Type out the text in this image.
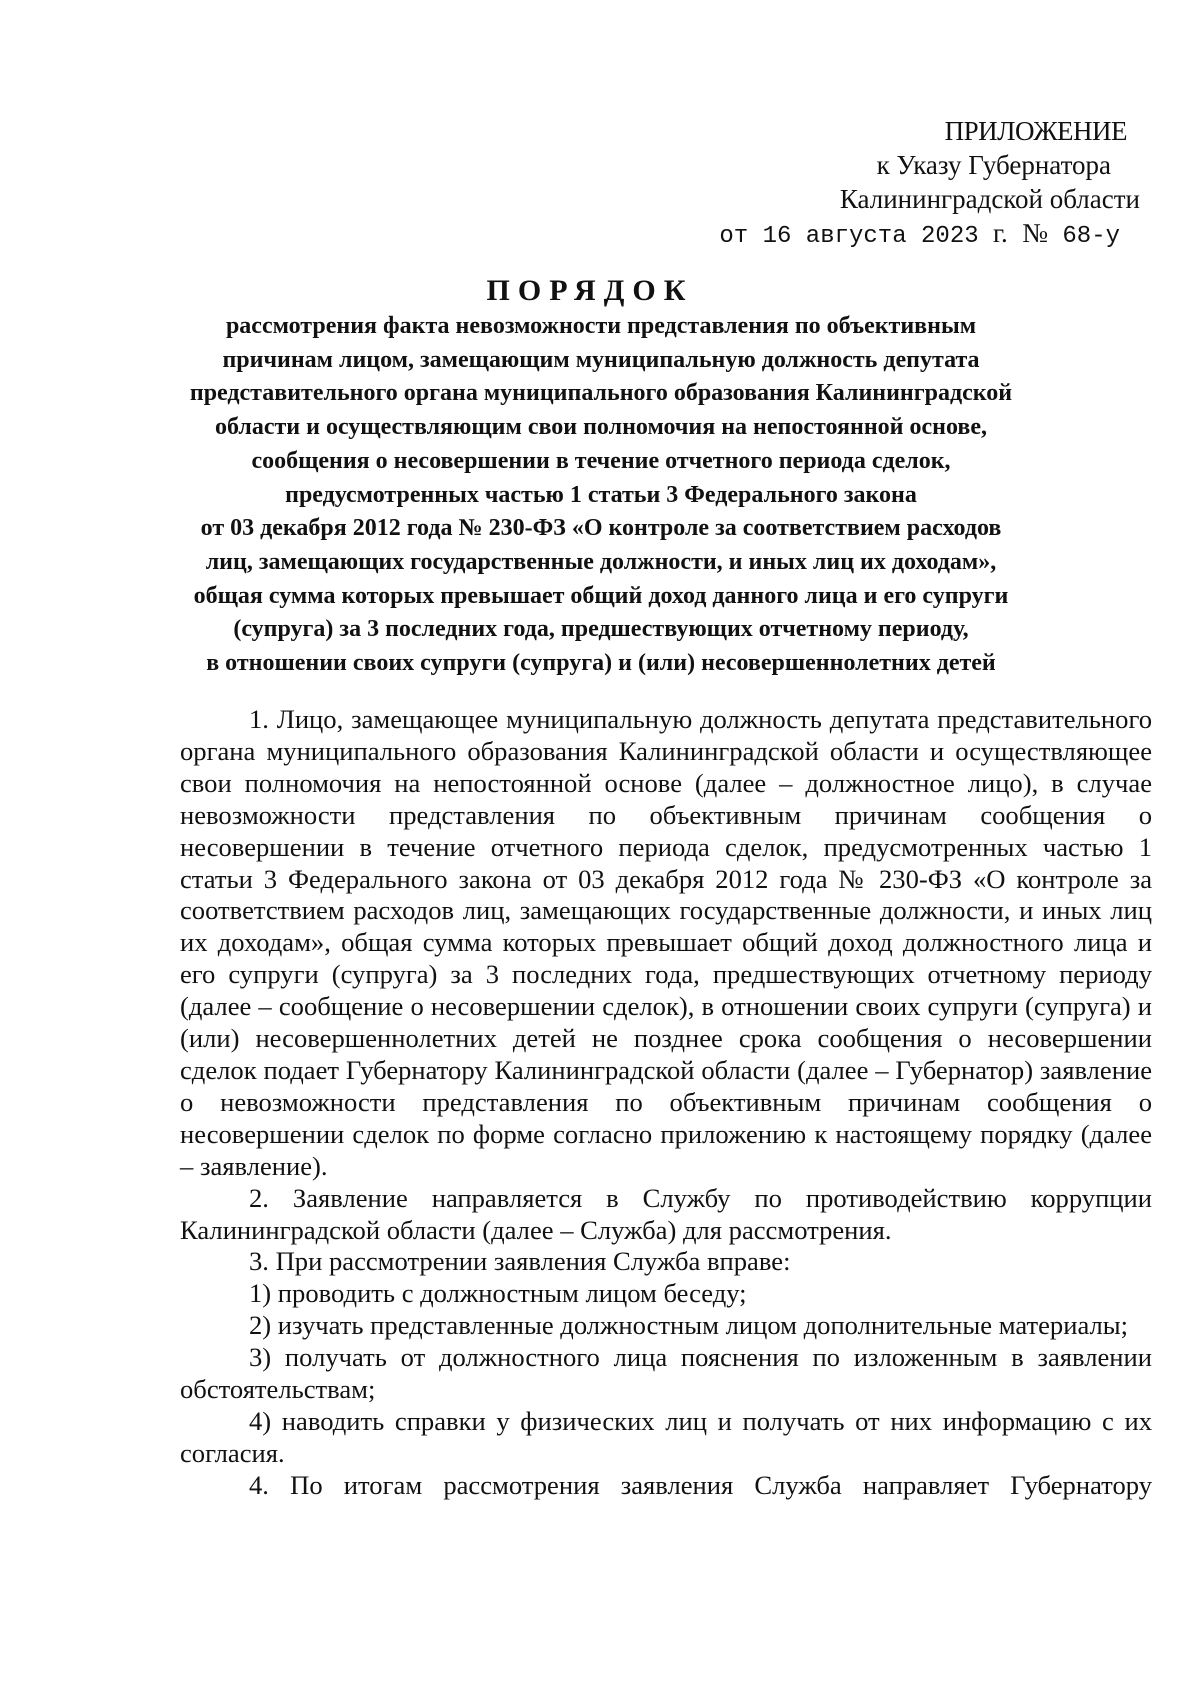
ПРИЛОЖЕНИЕ
к Указу Губернатора
Калининградской области
от 16 августа 2023 г. № 68-у
ПОРЯДОК
рассмотрения факта невозможности представления по объективным
причинам лицом, замещающим муниципальную должность депутата
представительного органа муниципального образования Калининградской
области и осуществляющим свои полномочия на непостоянной основе,
сообщения о несовершении в течение отчетного периода сделок,
предусмотренных частью 1 статьи 3 Федерального закона
от 03 декабря 2012 года № 230-ФЗ «О контроле за соответствием расходов
лиц, замещающих государственные должности, и иных лиц их доходам»,
общая сумма которых превышает общий доход данного лица и его супруги
(супруга) за 3 последних года, предшествующих отчетному периоду,
в отношении своих супруги (супруга) и (или) несовершеннолетних детей

1. Лицо, замещающее муниципальную должность депутата представительного органа муниципального образования Калининградской области и осуществляющее свои полномочия на непостоянной основе (далее – должностное лицо), в случае невозможности представления по объективным причинам сообщения о несовершении в течение отчетного периода сделок, предусмотренных частью 1 статьи 3 Федерального закона от 03 декабря 2012 года № 230-ФЗ «О контроле за соответствием расходов лиц, замещающих государственные должности, и иных лиц их доходам», общая сумма которых превышает общий доход должностного лица и его супруги (супруга) за 3 последних года, предшествующих отчетному периоду (далее – сообщение о несовершении сделок), в отношении своих супруги (супруга) и (или) несовершеннолетних детей не позднее срока сообщения о несовершении сделок подает Губернатору Калининградской области (далее – Губернатор) заявление о невозможности представления по объективным причинам сообщения о несовершении сделок по форме согласно приложению к настоящему порядку (далее – заявление).

2. Заявление направляется в Службу по противодействию коррупции Калининградской области (далее – Служба) для рассмотрения.

3. При рассмотрении заявления Служба вправе:

1) проводить с должностным лицом беседу;

2) изучать представленные должностным лицом дополнительные материалы;

3) получать от должностного лица пояснения по изложенным в заявлении обстоятельствам;

4) наводить справки у физических лиц и получать от них информацию с их согласия.

4. По итогам рассмотрения заявления Служба направляет Губернатору
